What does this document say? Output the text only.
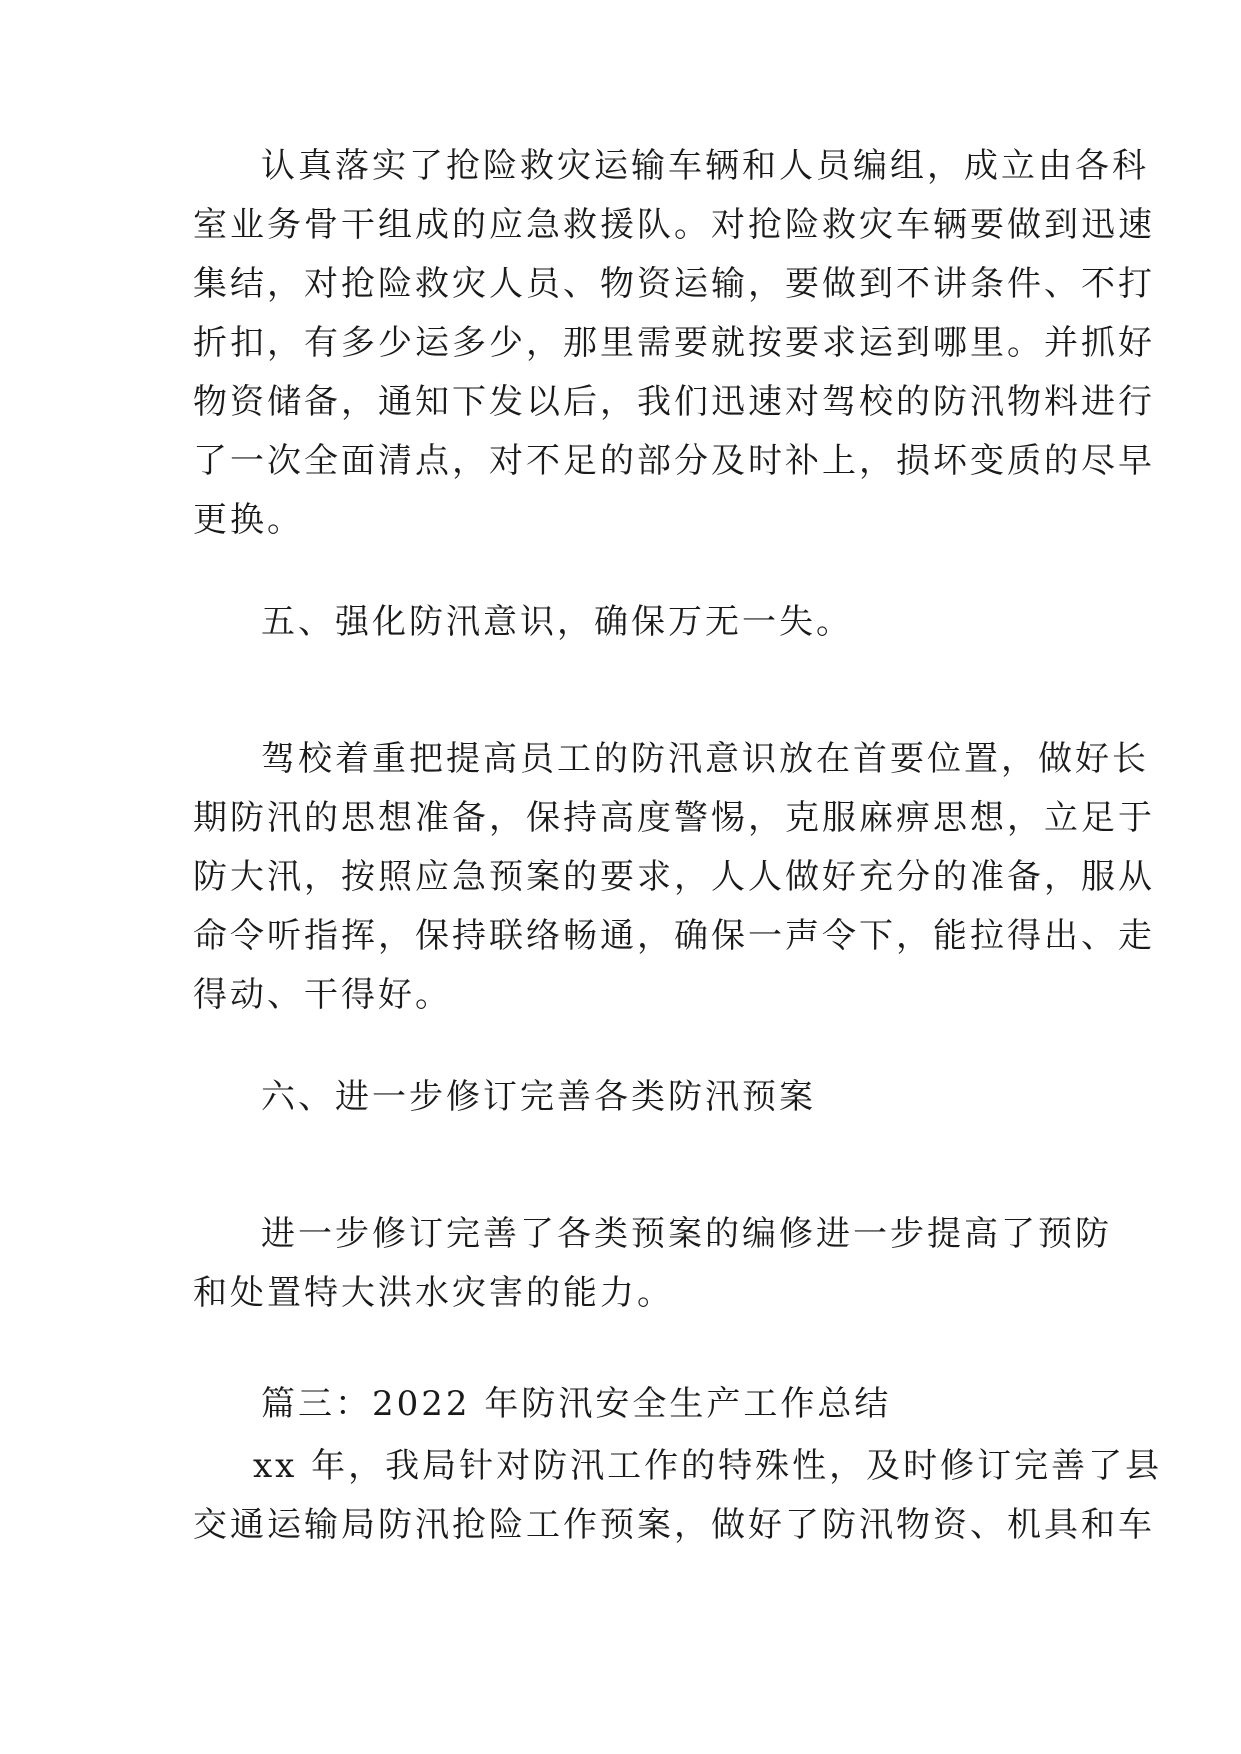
认真落实了抢险救灾运输车辆和人员编组，成立由各科
室业务骨干组成的应急救援队。对抢险救灾车辆要做到迅速
集结，对抢险救灾人员、物资运输，要做到不讲条件、不打
折扣，有多少运多少，那里需要就按要求运到哪里。并抓好
物资储备，通知下发以后，我们迅速对驾校的防汛物料进行
了一次全面清点，对不足的部分及时补上，损坏变质的尽早
更换。
五、强化防汛意识，确保万无一失。
驾校着重把提高员工的防汛意识放在首要位置，做好长
期防汛的思想准备，保持高度警惕，克服麻痹思想，立足于
防大汛，按照应急预案的要求，人人做好充分的准备，服从
命令听指挥，保持联络畅通，确保一声令下，能拉得出、走
得动、干得好。
六、进一步修订完善各类防汛预案
进一步修订完善了各类预案的编修进一步提高了预防
和处置特大洪水灾害的能力。
篇三：2022 年防汛安全生产工作总结
xx 年，我局针对防汛工作的特殊性，及时修订完善了县
交通运输局防汛抢险工作预案，做好了防汛物资、机具和车
